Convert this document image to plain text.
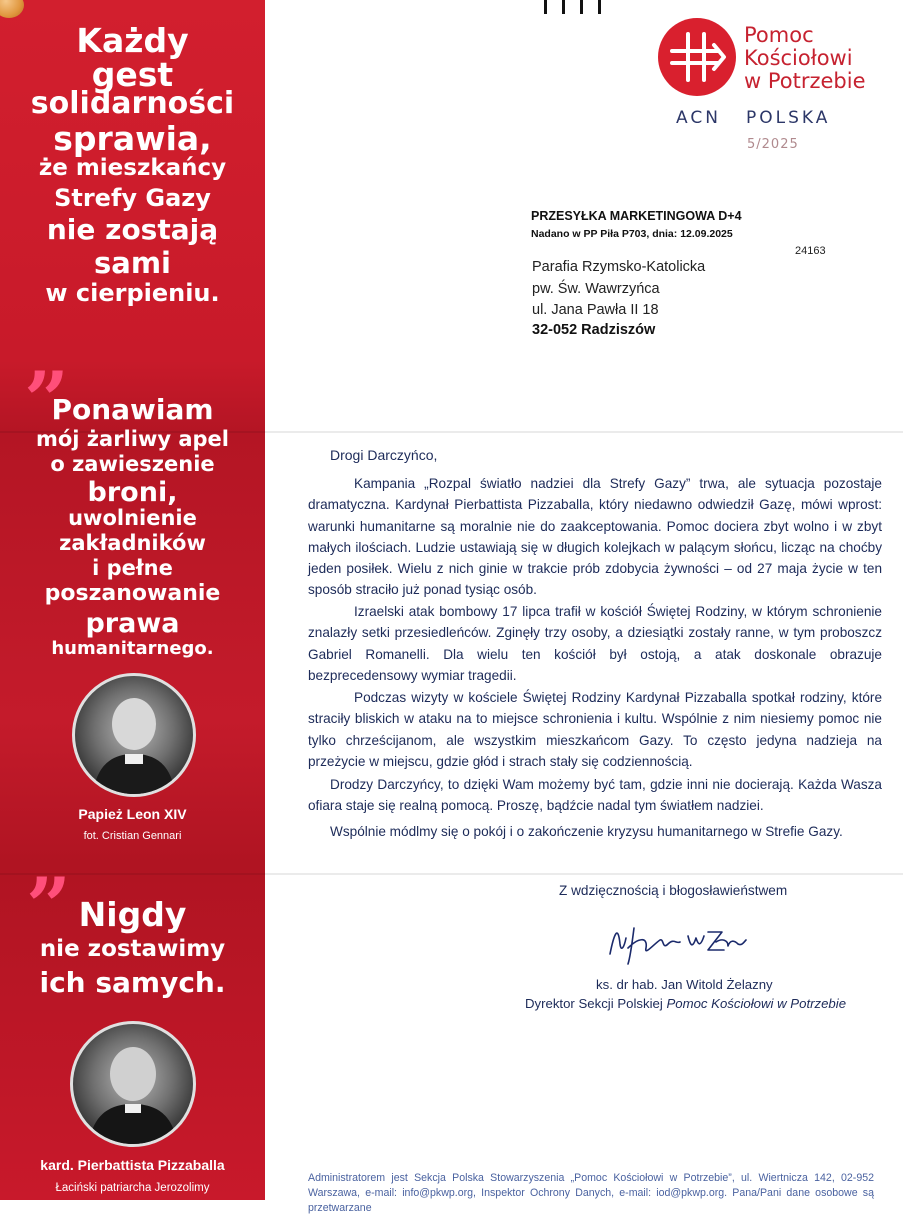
Każdy
gest
solidarności
sprawia,
że mieszkańcy
Strefy Gazy
nie zostają
sami
w cierpieniu.
”
Ponawiam
mój żarliwy apel
o zawieszenie
broni,
uwolnienie
zakładników
i pełne
poszanowanie
prawa
humanitarnego.
Papież Leon XIV
fot. Cristian Gennari
” Nigdy
nie zostawimy
ich samych.
kard. Pierbattista Pizzaballa
Łaciński patriarcha Jerozolimy
Pomoc
Kościołowi
w Potrzebie
ACN POLSKA
5/2025
PRZESYŁKA MARKETINGOWA D+4
Nadano w PP Piła P703, dnia: 12.09.2025
24163
Parafia Rzymsko-Katolicka
pw. Św. Wawrzyńca
ul. Jana Pawła II 18
32-052 Radziszów
Drogi Darczyńco,

Kampania „Rozpal światło nadziei dla Strefy Gazy” trwa, ale sytuacja pozostaje dramatyczna. Kardynał Pierbattista Pizzaballa, który niedawno odwiedził Gazę, mówi wprost: warunki humanitarne są moralnie nie do zaakceptowania. Pomoc dociera zbyt wolno i w zbyt małych ilościach. Ludzie ustawiają się w długich kolejkach w palącym słońcu, licząc na choćby jeden posiłek. Wielu z nich ginie w trakcie prób zdobycia żywności – od 27 maja życie w ten sposób straciło już ponad tysiąc osób.

Izraelski atak bombowy 17 lipca trafił w kościół Świętej Rodziny, w którym schronienie znalazły setki przesiedleńców. Zginęły trzy osoby, a dziesiątki zostały ranne, w tym proboszcz Gabriel Romanelli. Dla wielu ten kościół był ostoją, a atak doskonale obrazuje bezprecedensowy wymiar tragedii.

Podczas wizyty w kościele Świętej Rodziny Kardynał Pizzaballa spotkał rodziny, które straciły bliskich w ataku na to miejsce schronienia i kultu. Wspólnie z nim niesiemy pomoc nie tylko chrześcijanom, ale wszystkim mieszkańcom Gazy. To często jedyna nadzieja na przeżycie w miejscu, gdzie głód i strach stały się codziennością.

Drodzy Darczyńcy, to dzięki Wam możemy być tam, gdzie inni nie docierają. Każda Wasza ofiara staje się realną pomocą. Proszę, bądźcie nadal tym światłem nadziei.

Wspólnie módlmy się o pokój i o zakończenie kryzysu humanitarnego w Strefie Gazy.

Z wdzięcznością i błogosławieństwem
ks. dr hab. Jan Witold Żelazny
Dyrektor Sekcji Polskiej Pomoc Kościołowi w Potrzebie

Administratorem jest Sekcja Polska Stowarzyszenia „Pomoc Kościołowi w Potrzebie”, ul. Wiertnicza 142, 02-952 Warszawa, e-mail: info@pkwp.org, Inspektor Ochrony Danych, e-mail: iod@pkwp.org. Pana/Pani dane osobowe są przetwarzane
